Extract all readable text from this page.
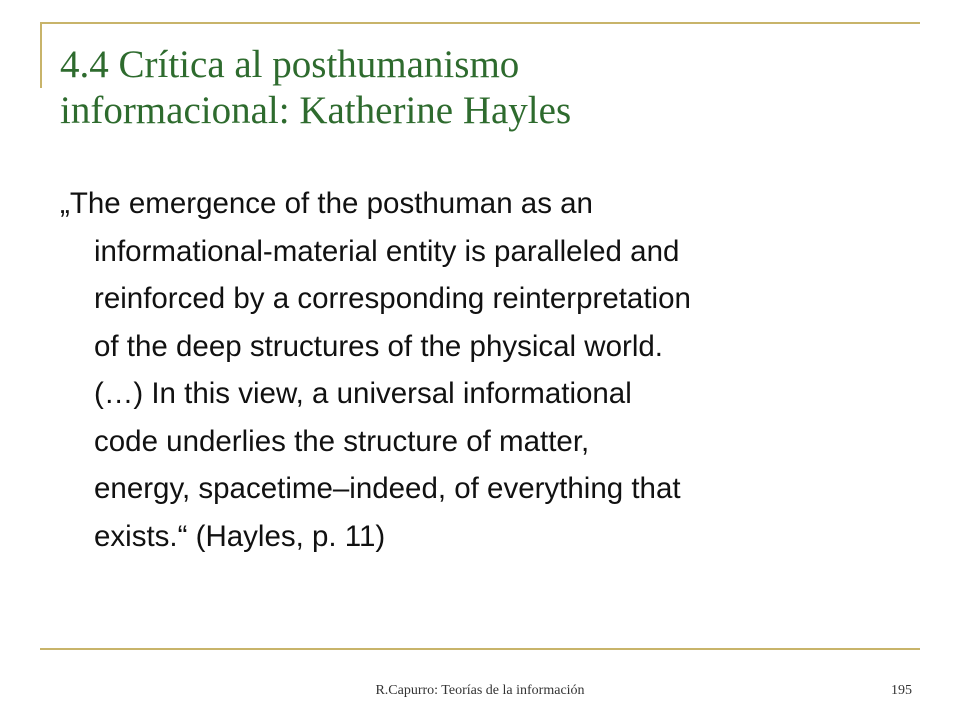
4.4 Crítica al posthumanismo
informacional: Katherine Hayles
„The emergence of the posthuman as an
informational-material entity is paralleled and
reinforced by a corresponding reinterpretation
of the deep structures of the physical world.
(…) In this view, a universal informational
code underlies the structure of matter,
energy, spacetime–indeed, of everything that
exists.“ (Hayles, p. 11)
R.Capurro: Teorías de la información	195
